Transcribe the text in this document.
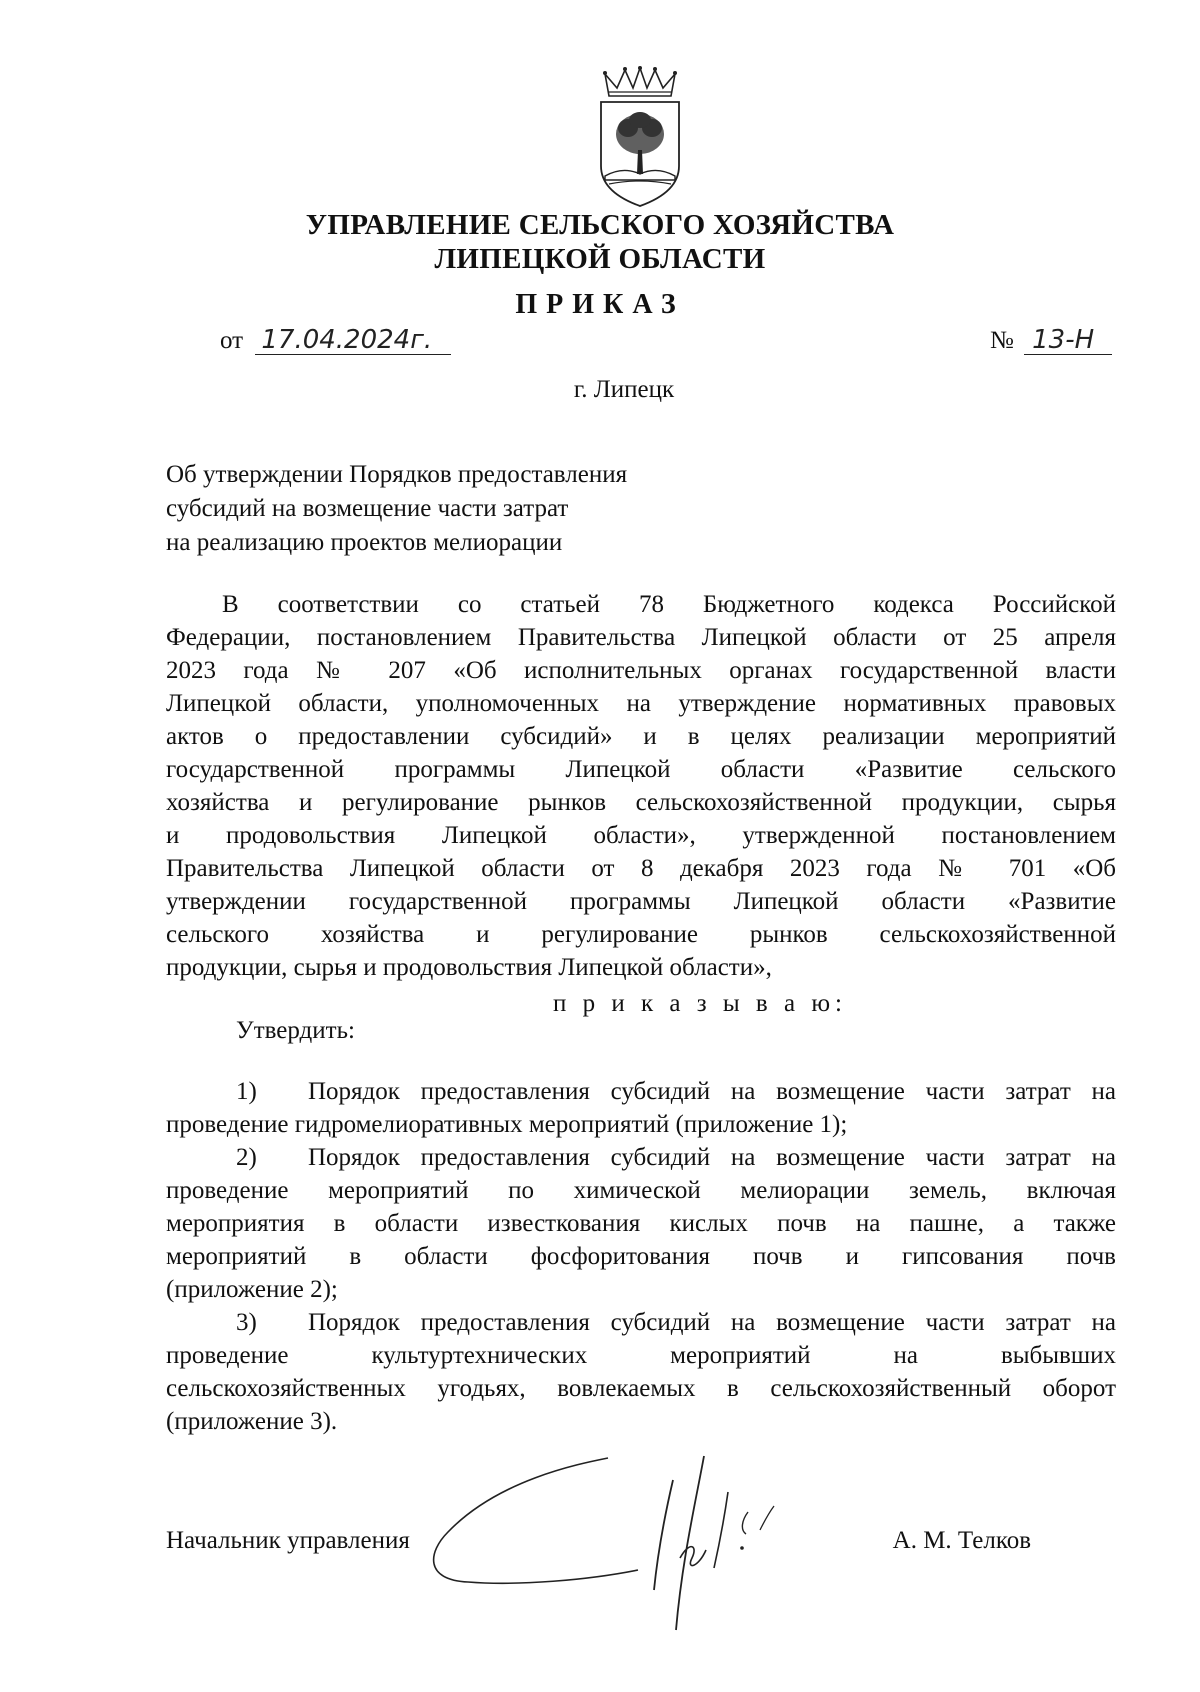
УПРАВЛЕНИЕ СЕЛЬСКОГО ХОЗЯЙСТВА
ЛИПЕЦКОЙ ОБЛАСТИ
ПРИКАЗ
от 17.04.2024г.	№ 13-Н
г. Липецк
Об утверждении Порядков предоставления
субсидий на возмещение части затрат
на реализацию проектов мелиорации
В соответствии со статьей 78 Бюджетного кодекса Российской
Федерации, постановлением Правительства Липецкой области от 25 апреля
2023 года № 207 «Об исполнительных органах государственной власти
Липецкой области, уполномоченных на утверждение нормативных правовых
актов о предоставлении субсидий» и в целях реализации мероприятий
государственной программы Липецкой области «Развитие сельского
хозяйства и регулирование рынков сельскохозяйственной продукции, сырья
и продовольствия Липецкой области», утвержденной постановлением
Правительства Липецкой области от 8 декабря 2023 года № 701 «Об
утверждении государственной программы Липецкой области «Развитие
сельского хозяйства и регулирование рынков сельскохозяйственной
продукции, сырья и продовольствия Липецкой области»,
п р и к а з ы в а ю:
Утвердить:
1) Порядок предоставления субсидий на возмещение части затрат на
проведение гидромелиоративных мероприятий (приложение 1);
2) Порядок предоставления субсидий на возмещение части затрат на
проведение мероприятий по химической мелиорации земель, включая
мероприятия в области известкования кислых почв на пашне, а также
мероприятий в области фосфоритования почв и гипсования почв
(приложение 2);
3) Порядок предоставления субсидий на возмещение части затрат на
проведение культуртехнических мероприятий на выбывших
сельскохозяйственных угодьях, вовлекаемых в сельскохозяйственный оборот
(приложение 3).
Начальник управления	А. М. Телков
